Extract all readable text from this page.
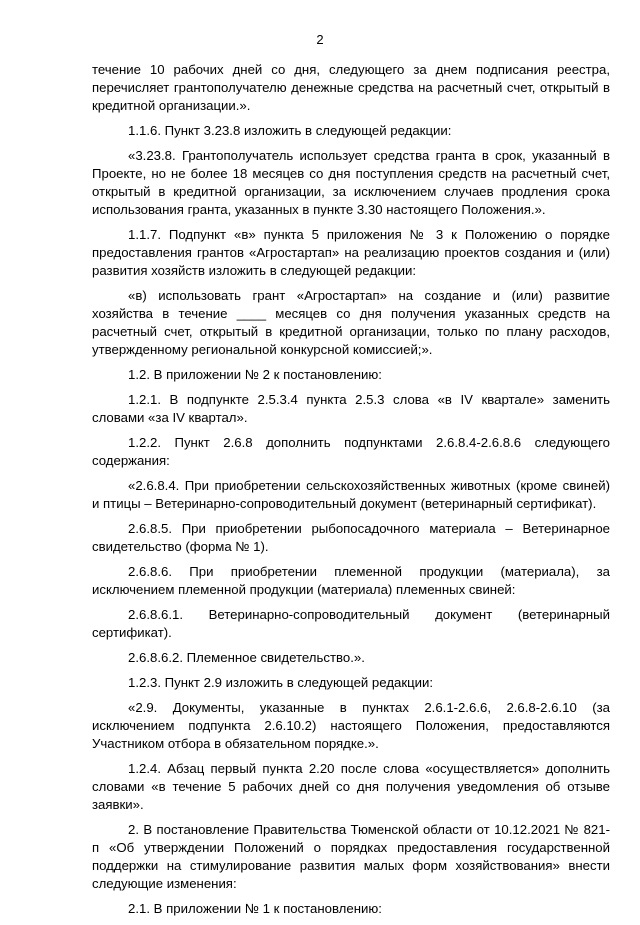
2

течение 10 рабочих дней со дня, следующего за днем подписания реестра, перечисляет грантополучателю денежные средства на расчетный счет, открытый в кредитной организации.».

1.1.6. Пункт 3.23.8 изложить в следующей редакции:

«3.23.8. Грантополучатель использует средства гранта в срок, указанный в Проекте, но не более 18 месяцев со дня поступления средств на расчетный счет, открытый в кредитной организации, за исключением случаев продления срока использования гранта, указанных в пункте 3.30 настоящего Положения.».

1.1.7. Подпункт «в» пункта 5 приложения № 3 к Положению о порядке предоставления грантов «Агростартап» на реализацию проектов создания и (или) развития хозяйств изложить в следующей редакции:

«в) использовать грант «Агростартап» на создание и (или) развитие хозяйства в течение ____ месяцев со дня получения указанных средств на расчетный счет, открытый в кредитной организации, только по плану расходов, утвержденному региональной конкурсной комиссией;».

1.2. В приложении № 2 к постановлению:

1.2.1. В подпункте 2.5.3.4 пункта 2.5.3 слова «в IV квартале» заменить словами «за IV квартал».

1.2.2. Пункт 2.6.8 дополнить подпунктами 2.6.8.4-2.6.8.6 следующего содержания:

«2.6.8.4. При приобретении сельскохозяйственных животных (кроме свиней) и птицы – Ветеринарно-сопроводительный документ (ветеринарный сертификат).

2.6.8.5. При приобретении рыбопосадочного материала – Ветеринарное свидетельство (форма № 1).

2.6.8.6. При приобретении племенной продукции (материала), за исключением племенной продукции (материала) племенных свиней:

2.6.8.6.1. Ветеринарно-сопроводительный документ (ветеринарный сертификат).

2.6.8.6.2. Племенное свидетельство.».

1.2.3. Пункт 2.9 изложить в следующей редакции:

«2.9. Документы, указанные в пунктах 2.6.1-2.6.6, 2.6.8-2.6.10 (за исключением подпункта 2.6.10.2) настоящего Положения, предоставляются Участником отбора в обязательном порядке.».

1.2.4. Абзац первый пункта 2.20 после слова «осуществляется» дополнить словами «в течение 5 рабочих дней со дня получения уведомления об отзыве заявки».

2. В постановление Правительства Тюменской области от 10.12.2021 № 821-п «Об утверждении Положений о порядках предоставления государственной поддержки на стимулирование развития малых форм хозяйствования» внести следующие изменения:

2.1. В приложении № 1 к постановлению:
